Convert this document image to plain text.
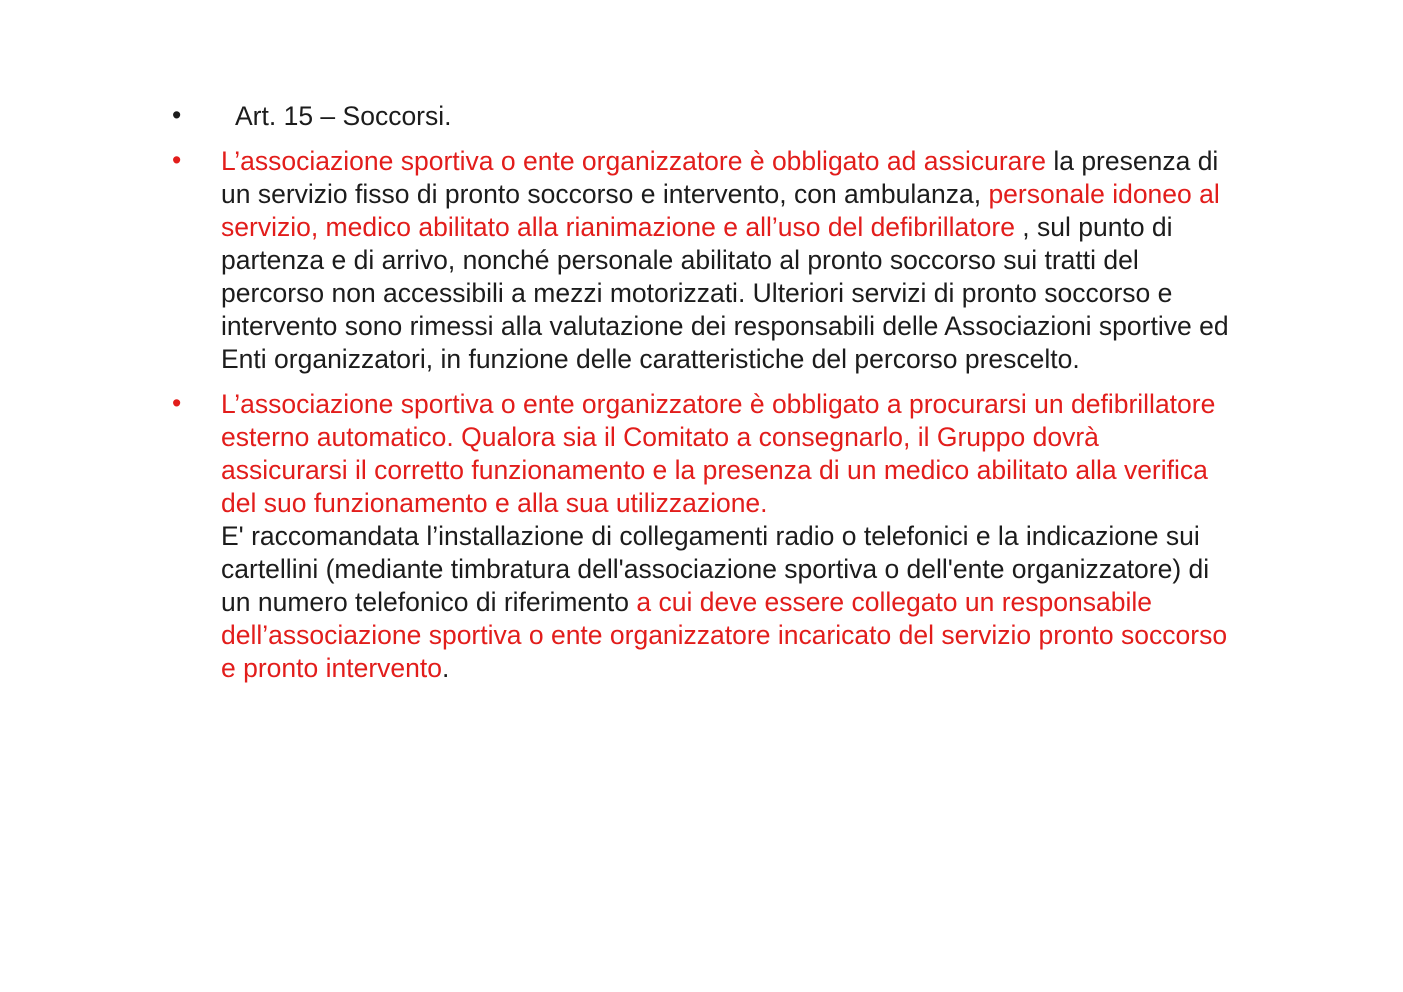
• Art. 15 – Soccorsi.
• L’associazione sportiva o ente organizzatore è obbligato ad assicurare la presenza di un servizio fisso di pronto soccorso e intervento, con ambulanza, personale idoneo al servizio, medico abilitato alla rianimazione e all’uso del defibrillatore , sul punto di partenza e di arrivo, nonché personale abilitato al pronto soccorso sui tratti del percorso non accessibili a mezzi motorizzati. Ulteriori servizi di pronto soccorso e intervento sono rimessi alla valutazione dei responsabili delle Associazioni sportive ed Enti organizzatori, in funzione delle caratteristiche del percorso prescelto.
• L’associazione sportiva o ente organizzatore è obbligato a procurarsi un defibrillatore esterno automatico. Qualora sia il Comitato a consegnarlo, il Gruppo dovrà assicurarsi il corretto funzionamento e la presenza di un medico abilitato alla verifica del suo funzionamento e alla sua utilizzazione.
E' raccomandata l’installazione di collegamenti radio o telefonici e la indicazione sui cartellini (mediante timbratura dell'associazione sportiva o dell'ente organizzatore) di un numero telefonico di riferimento a cui deve essere collegato un responsabile dell’associazione sportiva o ente organizzatore incaricato del servizio pronto soccorso e pronto intervento.
